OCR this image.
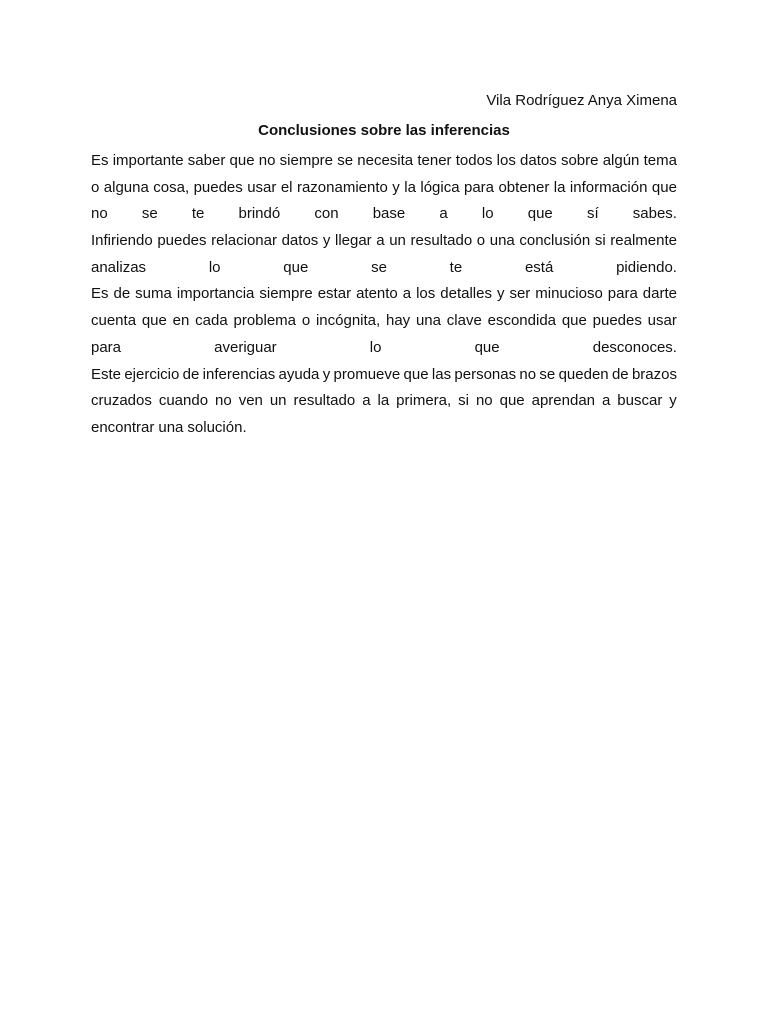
Vila Rodríguez Anya Ximena
Conclusiones sobre las inferencias
Es importante saber que no siempre se necesita tener todos los datos sobre algún tema
o alguna cosa, puedes usar el razonamiento y la lógica para obtener la información que
no se te brindó con base a lo que sí sabes.
Infiriendo puedes relacionar datos y llegar a un resultado o una conclusión si realmente
analizas	lo	que	se	te	está	pidiendo.
Es de suma importancia siempre estar atento a los detalles y ser minucioso para darte
cuenta que en cada problema o incógnita, hay una clave escondida que puedes usar
para	averiguar	lo	que	desconoces.
Este ejercicio de inferencias ayuda y promueve que las personas no se queden de brazos
cruzados cuando no ven un resultado a la primera, si no que aprendan a buscar y
encontrar una solución.
